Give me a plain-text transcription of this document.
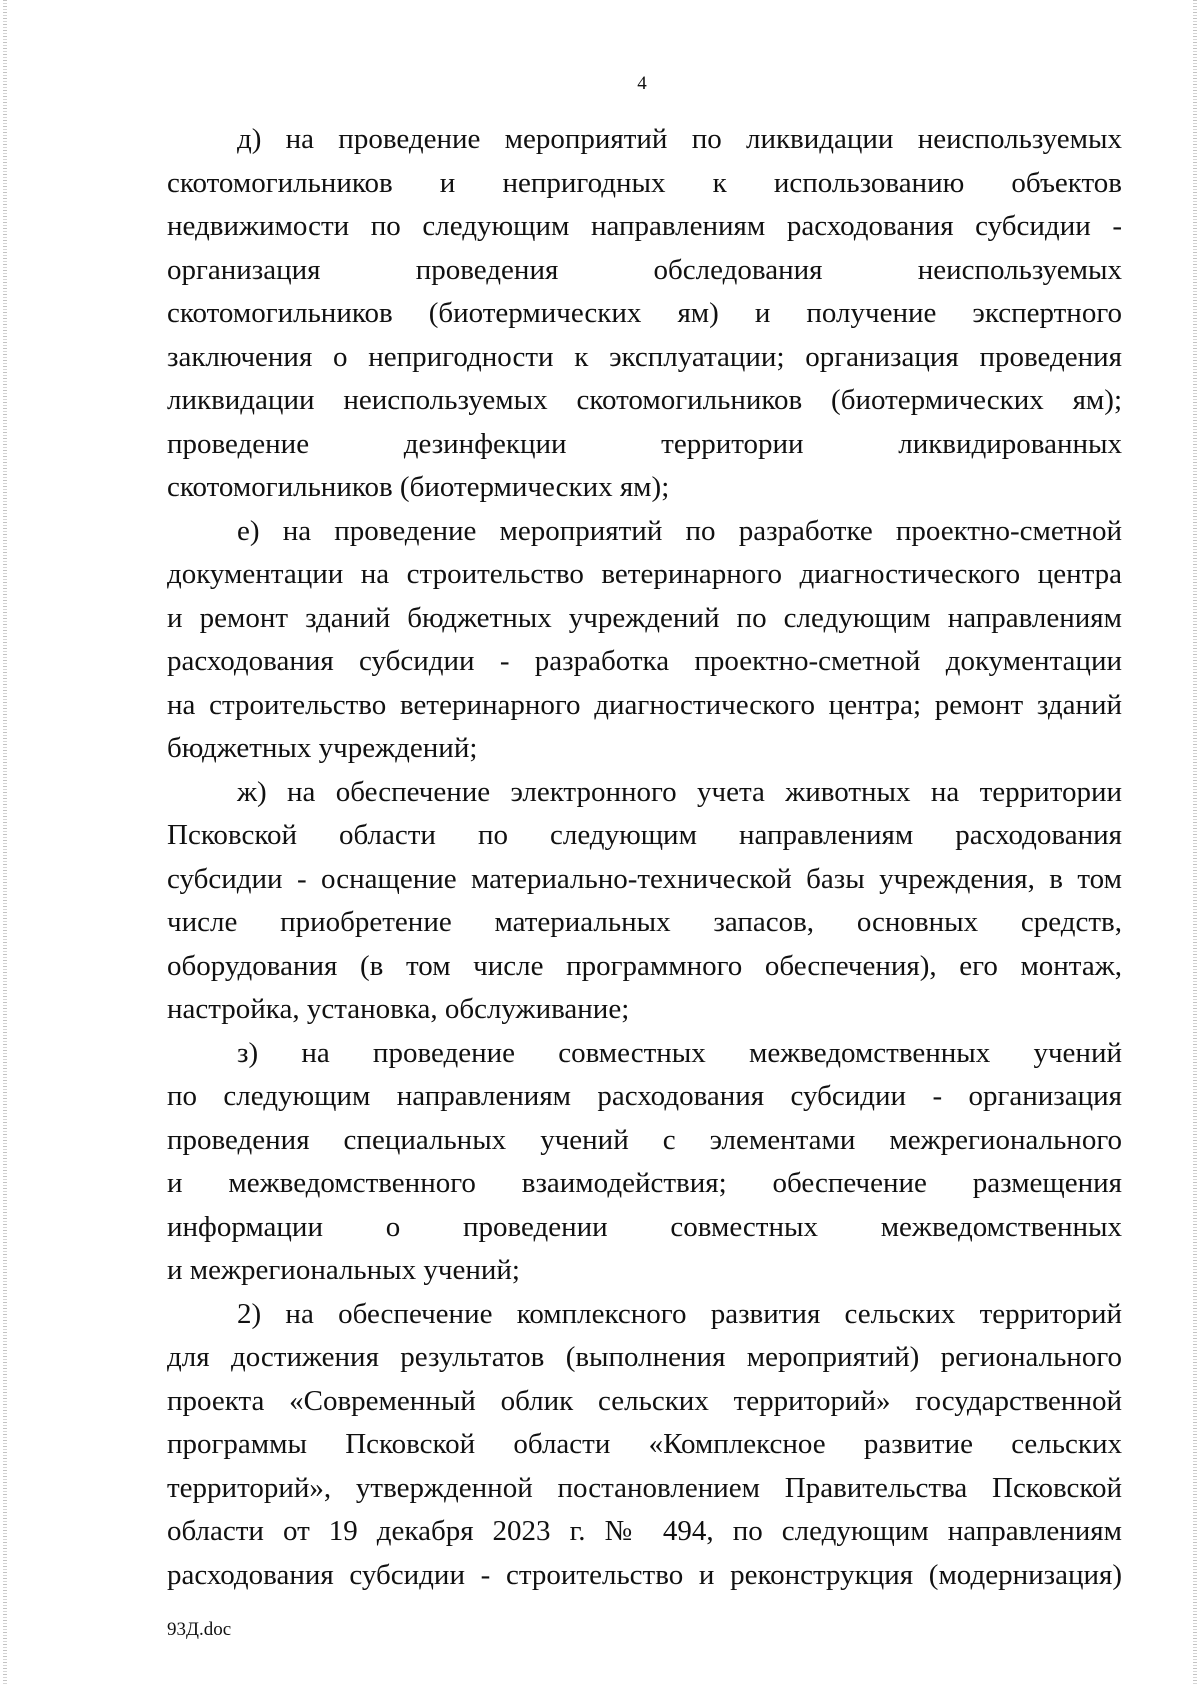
4
д) на проведение мероприятий по ликвидации неиспользуемых
скотомогильников и непригодных к использованию объектов
недвижимости по следующим направлениям расходования субсидии -
организация проведения обследования неиспользуемых
скотомогильников (биотермических ям) и получение экспертного
заключения о непригодности к эксплуатации; организация проведения
ликвидации неиспользуемых скотомогильников (биотермических ям);
проведение дезинфекции территории ликвидированных
скотомогильников (биотермических ям);
е) на проведение мероприятий по разработке проектно-сметной
документации на строительство ветеринарного диагностического центра
и ремонт зданий бюджетных учреждений по следующим направлениям
расходования субсидии - разработка проектно-сметной документации
на строительство ветеринарного диагностического центра; ремонт зданий
бюджетных учреждений;
ж) на обеспечение электронного учета животных на территории
Псковской области по следующим направлениям расходования
субсидии - оснащение материально-технической базы учреждения, в том
числе приобретение материальных запасов, основных средств,
оборудования (в том числе программного обеспечения), его монтаж,
настройка, установка, обслуживание;
з) на проведение совместных межведомственных учений
по следующим направлениям расходования субсидии - организация
проведения специальных учений с элементами межрегионального
и межведомственного взаимодействия; обеспечение размещения
информации о проведении совместных межведомственных
и межрегиональных учений;
2) на обеспечение комплексного развития сельских территорий
для достижения результатов (выполнения мероприятий) регионального
проекта «Современный облик сельских территорий» государственной
программы Псковской области «Комплексное развитие сельских
территорий», утвержденной постановлением Правительства Псковской
области от 19 декабря 2023 г. № 494, по следующим направлениям
расходования субсидии - строительство и реконструкция (модернизация)
93Д.doc
